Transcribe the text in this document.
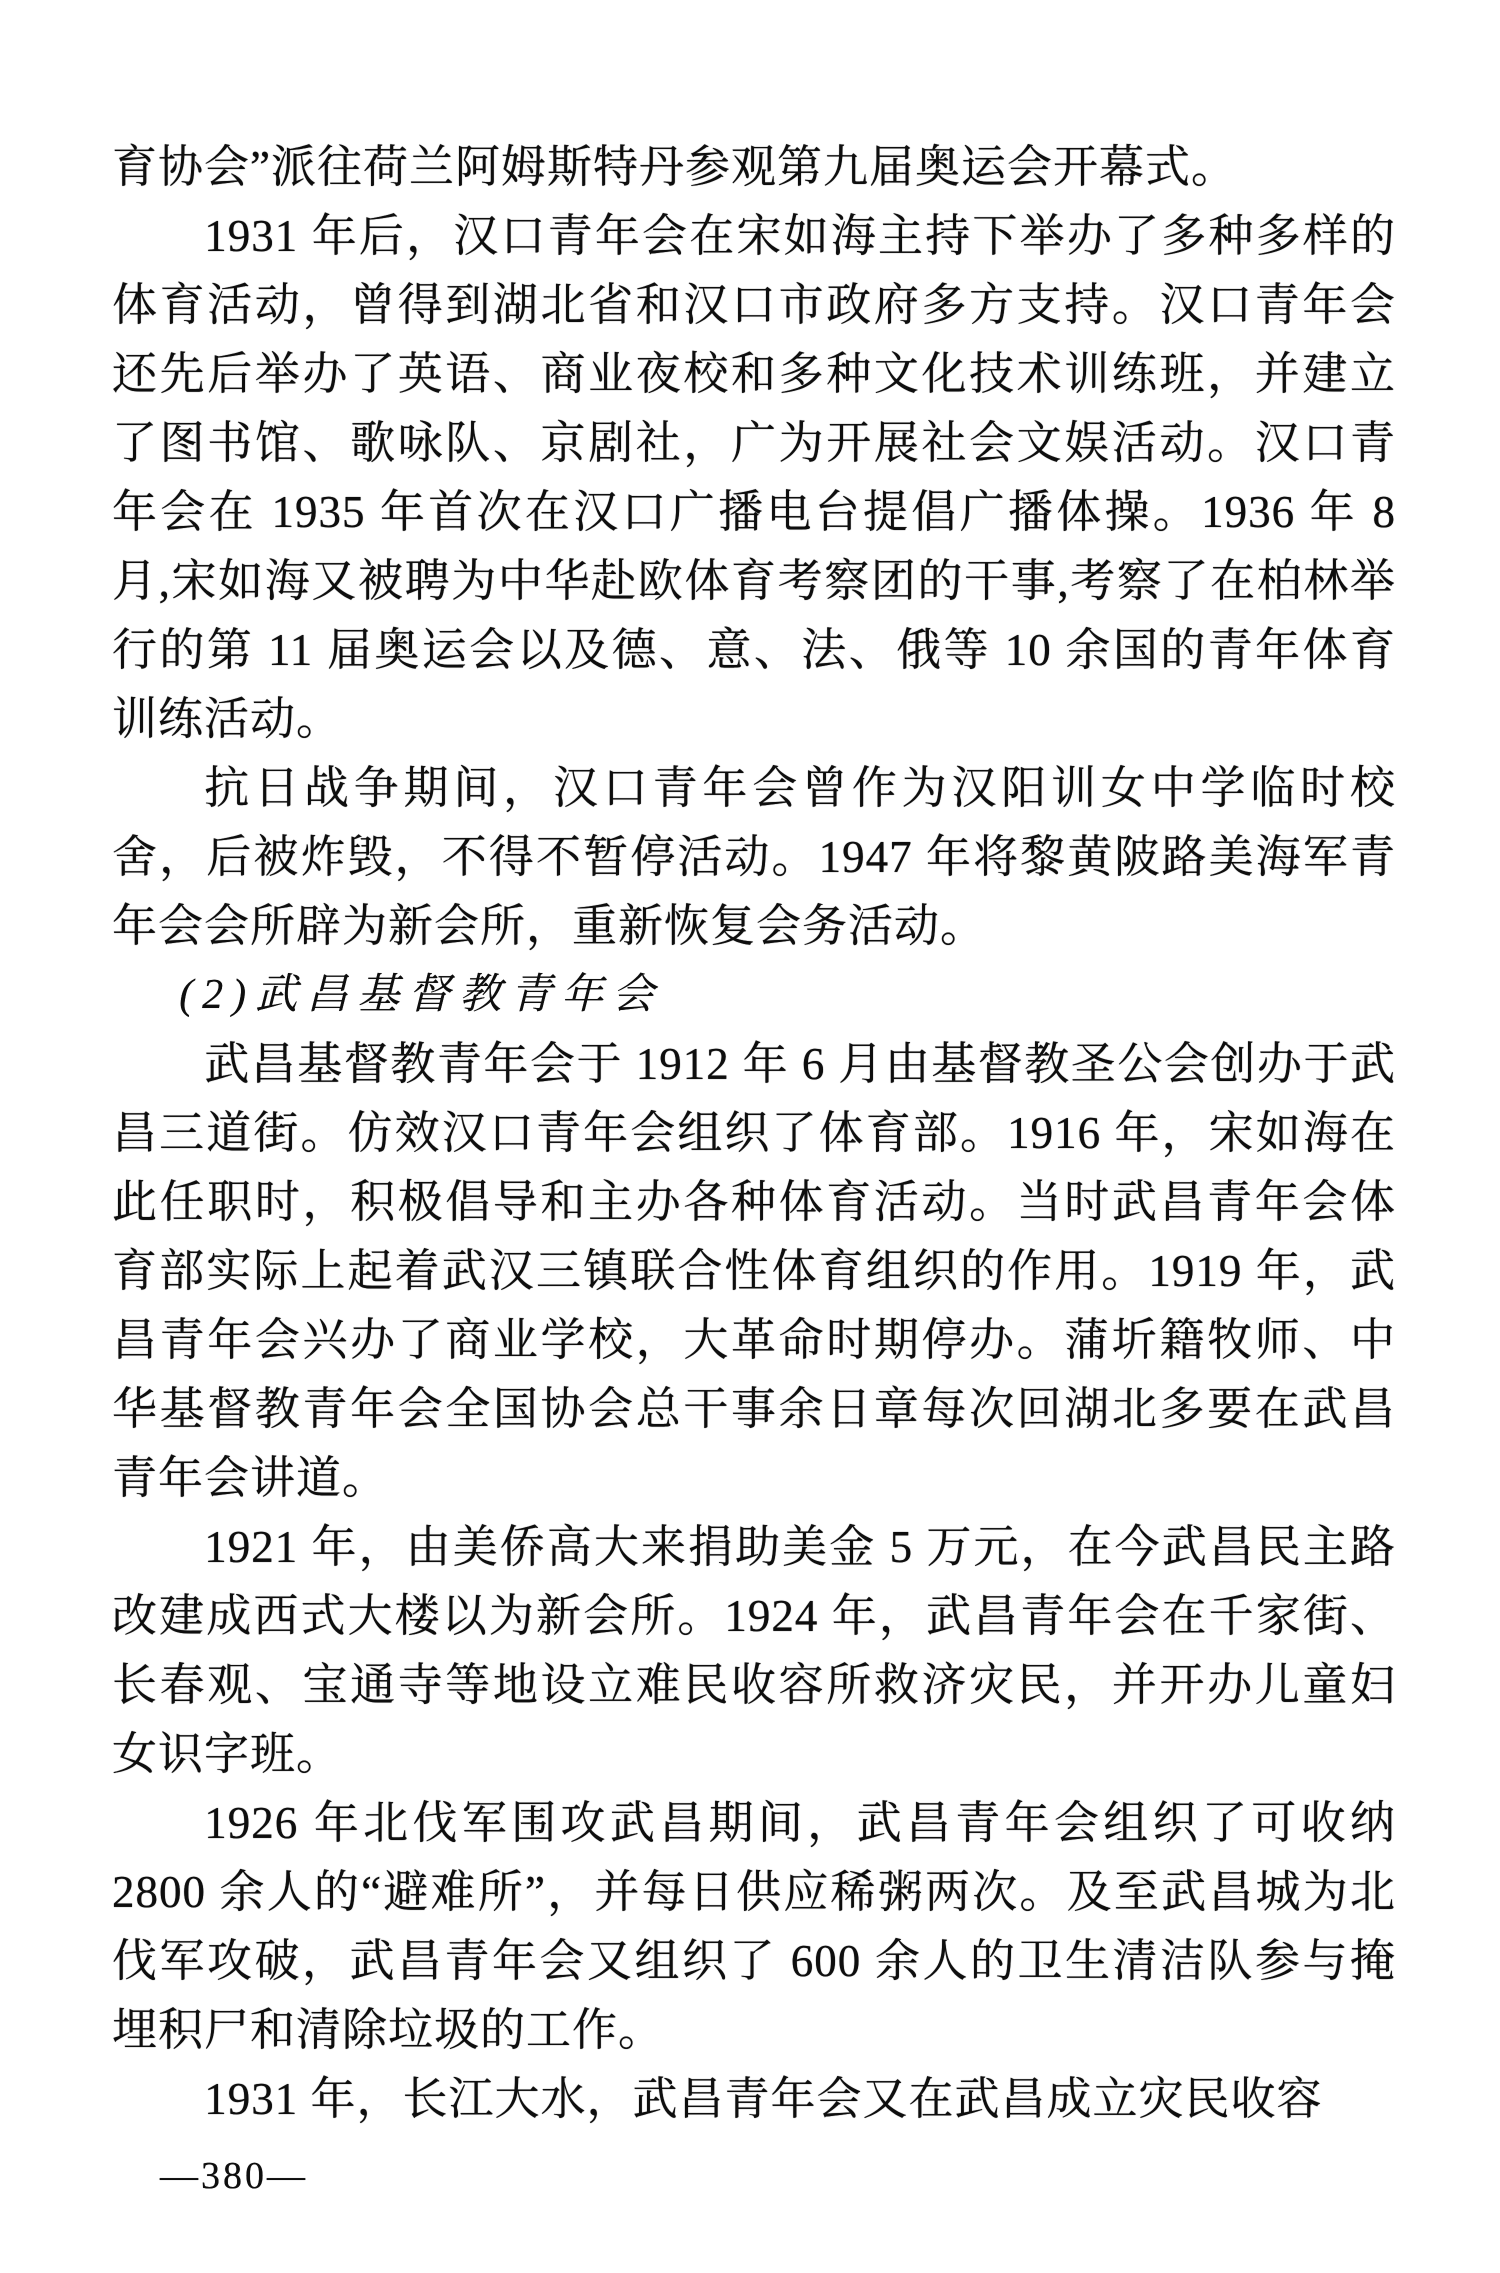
育协会”派往荷兰阿姆斯特丹参观第九届奥运会开幕式。

1931 年后，汉口青年会在宋如海主持下举办了多种多样的体育活动，曾得到湖北省和汉口市政府多方支持。汉口青年会还先后举办了英语、商业夜校和多种文化技术训练班，并建立了图书馆、歌咏队、京剧社，广为开展社会文娱活动。汉口青年会在 1935 年首次在汉口广播电台提倡广播体操。1936 年 8 月,宋如海又被聘为中华赴欧体育考察团的干事,考察了在柏林举行的第 11 届奥运会以及德、意、法、俄等 10 余国的青年体育训练活动。

抗日战争期间，汉口青年会曾作为汉阳训女中学临时校舍，后被炸毁，不得不暂停活动。1947 年将黎黄陂路美海军青年会会所辟为新会所，重新恢复会务活动。

(2)武昌基督教青年会

武昌基督教青年会于 1912 年 6 月由基督教圣公会创办于武昌三道街。仿效汉口青年会组织了体育部。1916 年，宋如海在此任职时，积极倡导和主办各种体育活动。当时武昌青年会体育部实际上起着武汉三镇联合性体育组织的作用。1919 年，武昌青年会兴办了商业学校，大革命时期停办。蒲圻籍牧师、中华基督教青年会全国协会总干事余日章每次回湖北多要在武昌青年会讲道。

1921 年，由美侨高大来捐助美金 5 万元，在今武昌民主路改建成西式大楼以为新会所。1924 年，武昌青年会在千家街、长春观、宝通寺等地设立难民收容所救济灾民，并开办儿童妇女识字班。

1926 年北伐军围攻武昌期间，武昌青年会组织了可收纳 2800 余人的“避难所”，并每日供应稀粥两次。及至武昌城为北伐军攻破，武昌青年会又组织了 600 余人的卫生清洁队参与掩埋积尸和清除垃圾的工作。

1931 年，长江大水，武昌青年会又在武昌成立灾民收容

—380—
